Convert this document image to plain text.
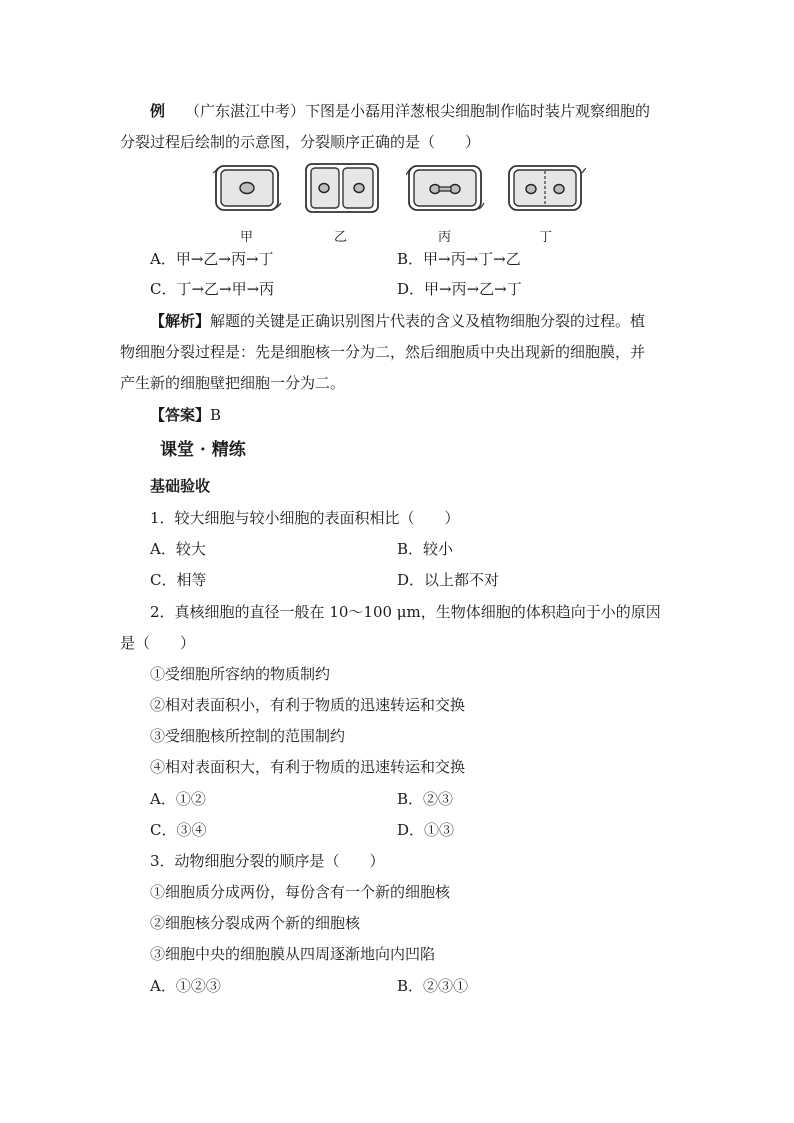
例 （广东湛江中考）下图是小磊用洋葱根尖细胞制作临时装片观察细胞的
分裂过程后绘制的示意图，分裂顺序正确的是（　　）
甲	乙	丙	丁
A．甲→乙→丙→丁	B．甲→丙→丁→乙
C．丁→乙→甲→丙	D．甲→丙→乙→丁
【解析】解题的关键是正确识别图片代表的含义及植物细胞分裂的过程。植
物细胞分裂过程是：先是细胞核一分为二，然后细胞质中央出现新的细胞膜，并
产生新的细胞壁把细胞一分为二。
【答案】B
课堂 · 精练
基础验收
1．较大细胞与较小细胞的表面积相比（　　）
A．较大	B．较小
C．相等	D．以上都不对
2．真核细胞的直径一般在 10～100 μm，生物体细胞的体积趋向于小的原因
是（　　）
①受细胞所容纳的物质制约
②相对表面积小，有利于物质的迅速转运和交换
③受细胞核所控制的范围制约
④相对表面积大，有利于物质的迅速转运和交换
A．①②	B．②③
C．③④	D．①③
3．动物细胞分裂的顺序是（　　）
①细胞质分成两份，每份含有一个新的细胞核
②细胞核分裂成两个新的细胞核
③细胞中央的细胞膜从四周逐渐地向内凹陷
A．①②③	B．②③①
